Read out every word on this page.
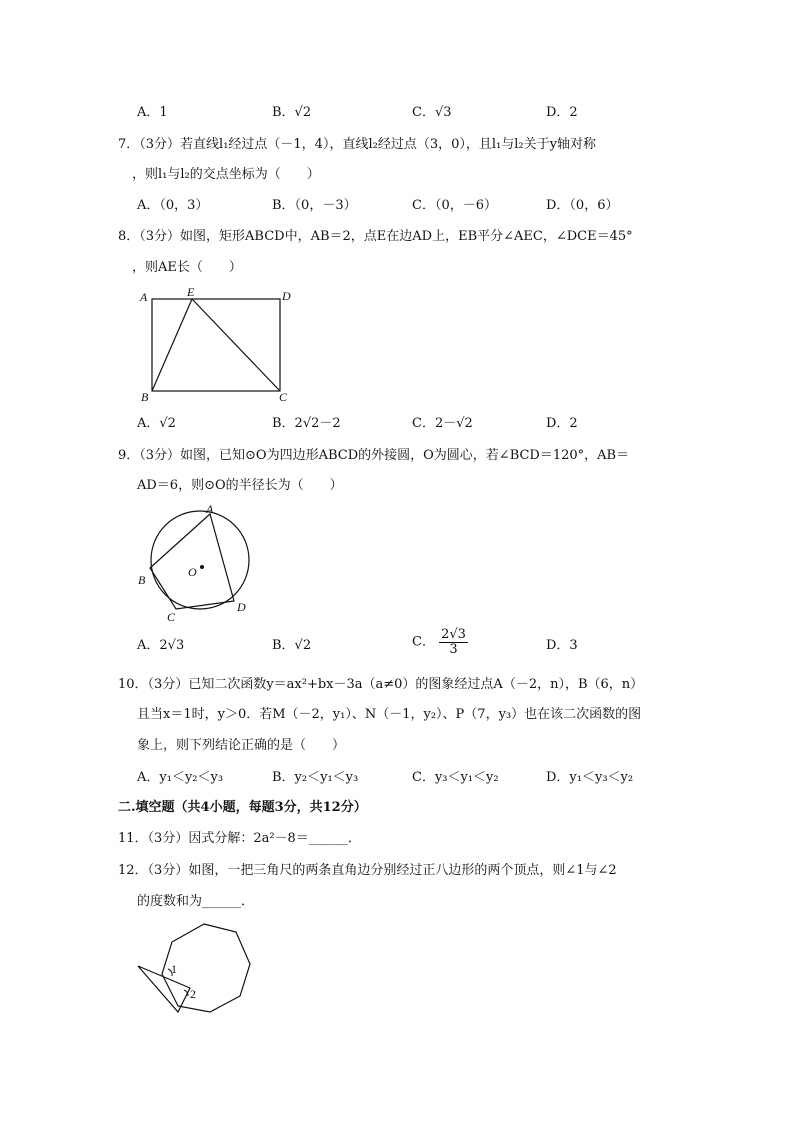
A．1	B．√2	C．√3	D．2
7．（3分）若直线l₁经过点（－1，4），直线l₂经过点（3，0），且l₁与l₂关于y轴对称
，则l₁与l₂的交点坐标为（　　）
A．（0，3）	B．（0，－3）	C．（0，－6）	D．（0，6）
8．（3分）如图，矩形ABCD中，AB＝2，点E在边AD上，EB平分∠AEC，∠DCE＝45°
，则AE长（　　）
A	E	D
B	C
A．√2	B．2√2－2	C．2－√2	D．2
9．（3分）如图，已知⊙O为四边形ABCD的外接圆，O为圆心，若∠BCD＝120°，AB＝
AD＝6，则⊙O的半径长为（　　）
A
O
B
C
D
A．2√3	B．√2	C． $\frac{2√3}{3}$	D．3
10．（3分）已知二次函数y＝ax²+bx－3a（a≠0）的图象经过点A（－2，n），B（6，n）
且当x＝1时，y＞0．若M（－2，y₁）、N（－1，y₂）、P（7，y₃）也在该二次函数的图
象上，则下列结论正确的是（　　）
A．y₁＜y₂＜y₃	B．y₂＜y₁＜y₃	C．y₃＜y₁＜y₂	D．y₁＜y₃＜y₂
二.填空题（共4小题，每题3分，共12分）
11．（3分）因式分解：2a²－8＝______．
12．（3分）如图，一把三角尺的两条直角边分别经过正八边形的两个顶点，则∠1与∠2
的度数和为______．
1
2
